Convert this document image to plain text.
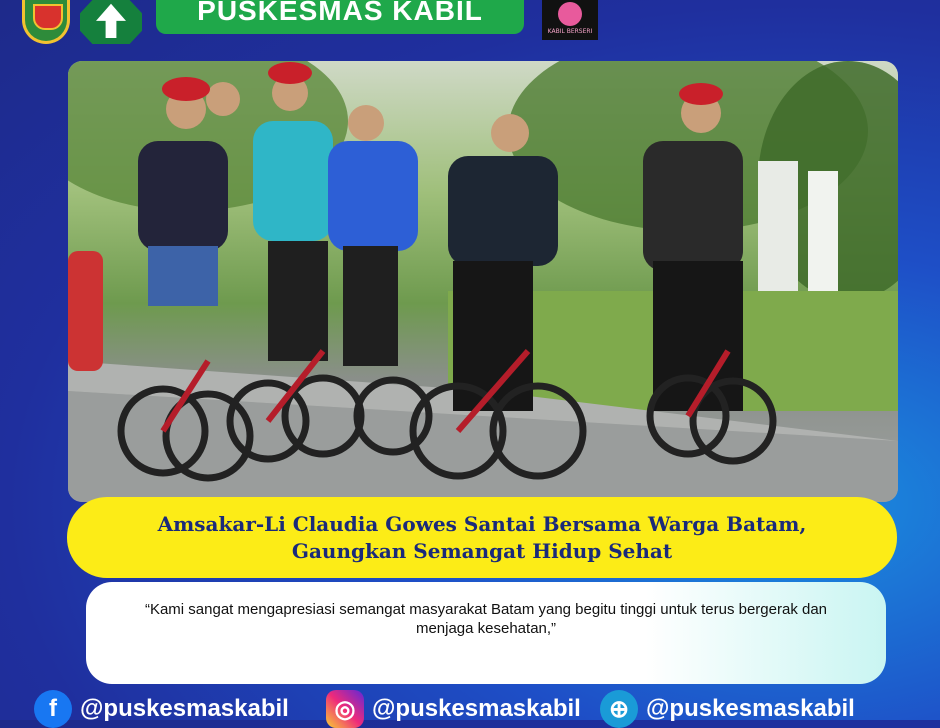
PUSKESMAS KABIL
KABIL BERSERI
Amsakar-Li Claudia Gowes Santai Bersama Warga Batam, Gaungkan Semangat Hidup Sehat
“Kami sangat mengapresiasi semangat masyarakat Batam yang begitu tinggi untuk terus bergerak dan menjaga kesehatan,”
f @puskesmaskabil	◎ @puskesmaskabil	⊕ @puskesmaskabil
